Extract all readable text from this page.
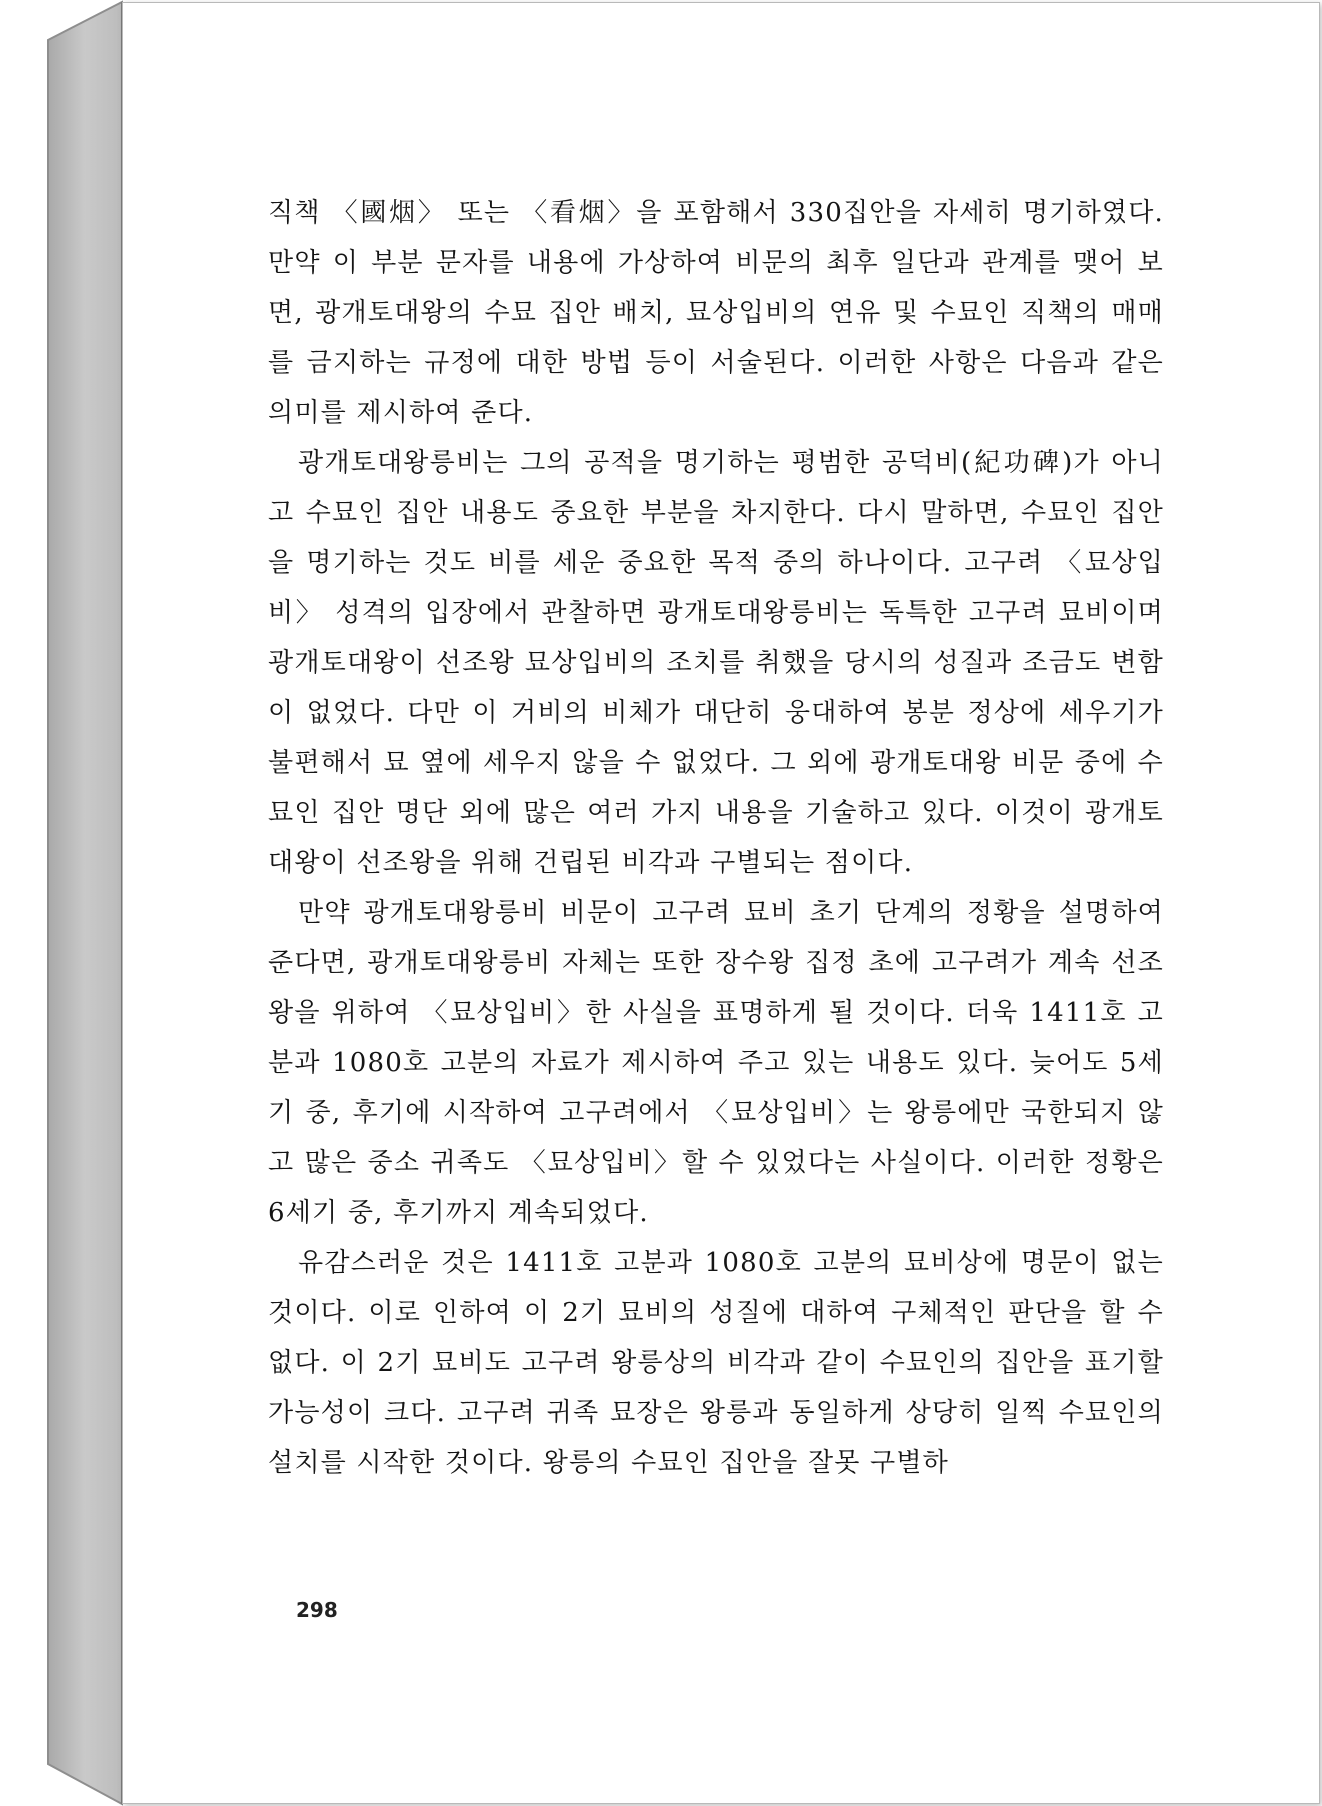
직책 〈國烟〉 또는 〈看烟〉을 포함해서 330집안을 자세히 명기하였다. 만약 이 부분 문자를 내용에 가상하여 비문의 최후 일단과 관계를 맺어 보면, 광개토대왕의 수묘 집안 배치, 묘상입비의 연유 및 수묘인 직책의 매매를 금지하는 규정에 대한 방법 등이 서술된다. 이러한 사항은 다음과 같은 의미를 제시하여 준다.

광개토대왕릉비는 그의 공적을 명기하는 평범한 공덕비(紀功碑)가 아니고 수묘인 집안 내용도 중요한 부분을 차지한다. 다시 말하면, 수묘인 집안을 명기하는 것도 비를 세운 중요한 목적 중의 하나이다. 고구려 〈묘상입비〉 성격의 입장에서 관찰하면 광개토대왕릉비는 독특한 고구려 묘비이며 광개토대왕이 선조왕 묘상입비의 조치를 취했을 당시의 성질과 조금도 변함이 없었다. 다만 이 거비의 비체가 대단히 웅대하여 봉분 정상에 세우기가 불편해서 묘 옆에 세우지 않을 수 없었다. 그 외에 광개토대왕 비문 중에 수묘인 집안 명단 외에 많은 여러 가지 내용을 기술하고 있다. 이것이 광개토대왕이 선조왕을 위해 건립된 비각과 구별되는 점이다.

만약 광개토대왕릉비 비문이 고구려 묘비 초기 단계의 정황을 설명하여 준다면, 광개토대왕릉비 자체는 또한 장수왕 집정 초에 고구려가 계속 선조왕을 위하여 〈묘상입비〉한 사실을 표명하게 될 것이다. 더욱 1411호 고분과 1080호 고분의 자료가 제시하여 주고 있는 내용도 있다. 늦어도 5세기 중, 후기에 시작하여 고구려에서 〈묘상입비〉는 왕릉에만 국한되지 않고 많은 중소 귀족도 〈묘상입비〉할 수 있었다는 사실이다. 이러한 정황은 6세기 중, 후기까지 계속되었다.

유감스러운 것은 1411호 고분과 1080호 고분의 묘비상에 명문이 없는 것이다. 이로 인하여 이 2기 묘비의 성질에 대하여 구체적인 판단을 할 수 없다. 이 2기 묘비도 고구려 왕릉상의 비각과 같이 수묘인의 집안을 표기할 가능성이 크다. 고구려 귀족 묘장은 왕릉과 동일하게 상당히 일찍 수묘인의 설치를 시작한 것이다. 왕릉의 수묘인 집안을 잘못 구별하

298
